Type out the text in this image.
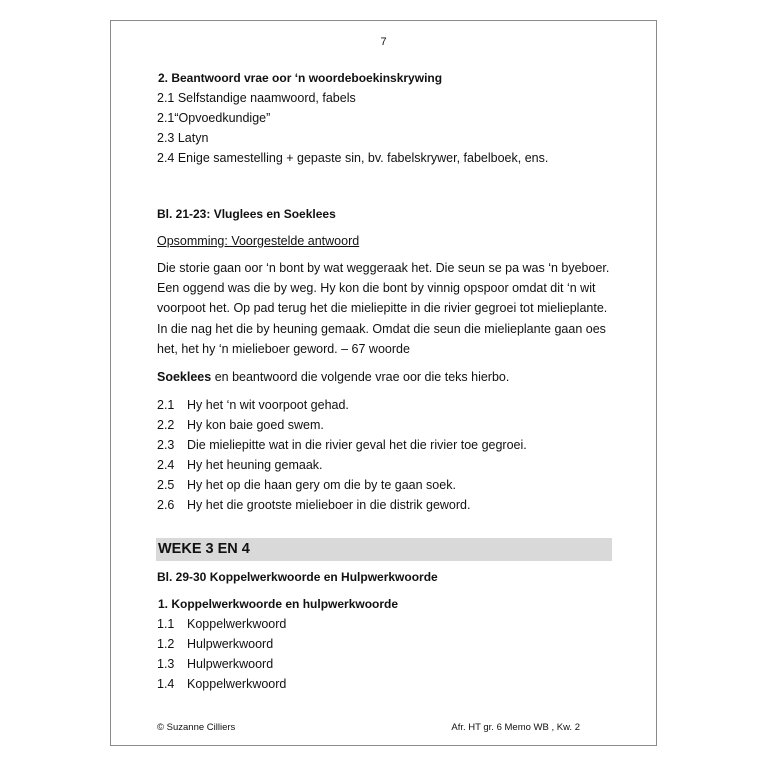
7
2. Beantwoord vrae oor ‘n woordeboekinskrywing
2.1 Selfstandige naamwoord, fabels
2.1“Opvoedkundige”
2.3 Latyn
2.4 Enige samestelling + gepaste sin, bv. fabelskrywer, fabelboek, ens.
Bl. 21-23: Vluglees en Soeklees
Opsomming: Voorgestelde antwoord
Die storie gaan oor ‘n bont by wat weggeraak het. Die seun se pa was ‘n byeboer. Een oggend was die by weg. Hy kon die bont by vinnig opspoor omdat dit ‘n wit voorpoot het. Op pad terug het die mieliepitte in die rivier gegroei tot mielieplante. In die nag het die by heuning gemaak. Omdat die seun die mielieplante gaan oes het, het hy ‘n mielieboer geword. – 67 woorde
Soeklees en beantwoord die volgende vrae oor die teks hierbo.
2.1 Hy het ‘n wit voorpoot gehad.
2.2 Hy kon baie goed swem.
2.3 Die mieliepitte wat in die rivier geval het die rivier toe gegroei.
2.4 Hy het heuning gemaak.
2.5 Hy het op die haan gery om die by te gaan soek.
2.6 Hy het die grootste mielieboer in die distrik geword.
WEKE 3 EN 4
Bl. 29-30 Koppelwerkwoorde en Hulpwerkwoorde
1. Koppelwerkwoorde en hulpwerkwoorde
1.1 Koppelwerkwoord
1.2 Hulpwerkwoord
1.3 Hulpwerkwoord
1.4 Koppelwerkwoord
© Suzanne Cilliers	Afr. HT gr. 6 Memo WB , Kw. 2
